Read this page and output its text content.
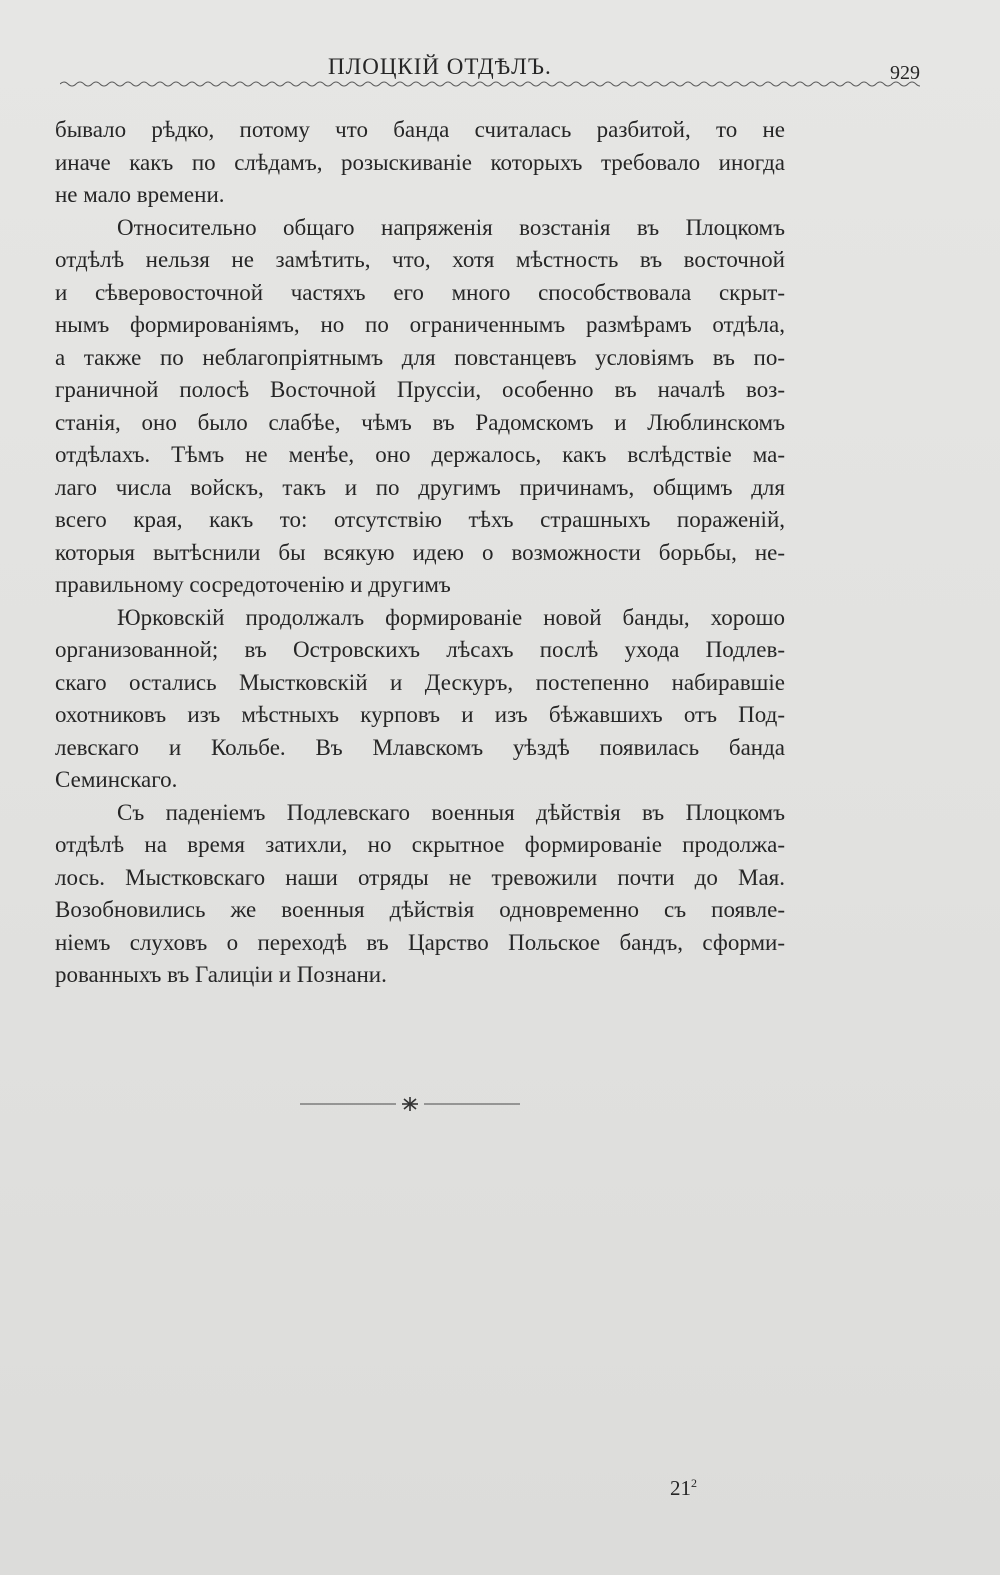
ПЛОЦКІЙ ОТДѢЛЪ.	929

бывало рѣдко, потому что банда считалась разбитой, то не
иначе какъ по слѣдамъ, розыскиваніе которыхъ требовало иногда
не мало времени.

Относительно общаго напряженія возстанія въ Плоцкомъ
отдѣлѣ нельзя не замѣтить, что, хотя мѣстность въ восточной
и сѣверовосточной частяхъ его много способствовала скрыт-
нымъ формированіямъ, но по ограниченнымъ размѣрамъ отдѣла,
а также по неблагопріятнымъ для повстанцевъ условіямъ въ по-
граничной полосѣ Восточной Пруссіи, особенно въ началѣ воз-
станія, оно было слабѣе, чѣмъ въ Радомскомъ и Люблинскомъ
отдѣлахъ. Тѣмъ не менѣе, оно держалось, какъ вслѣдствіе ма-
лаго числа войскъ, такъ и по другимъ причинамъ, общимъ для
всего края, какъ то: отсутствію тѣхъ страшныхъ пораженій,
которыя вытѣснили бы всякую идею о возможности борьбы, не-
правильному сосредоточенію и другимъ

Юрковскій продолжалъ формированіе новой банды, хорошо
организованной; въ Островскихъ лѣсахъ послѣ ухода Подлев-
скаго остались Мыстковскій и Дескуръ, постепенно набиравшіе
охотниковъ изъ мѣстныхъ курповъ и изъ бѣжавшихъ отъ Под-
левскаго и Кольбе. Въ Млавскомъ уѣздѣ появилась банда
Семинскаго.

Съ паденіемъ Подлевскаго военныя дѣйствія въ Плоцкомъ
отдѣлѣ на время затихли, но скрытное формированіе продолжа-
лось. Мыстковскаго наши отряды не тревожили почти до Мая.
Возобновились же военныя дѣйствія одновременно съ появле-
ніемъ слуховъ о переходѣ въ Царство Польское бандъ, сформи-
рованныхъ въ Галиціи и Познани.

$21^2$
